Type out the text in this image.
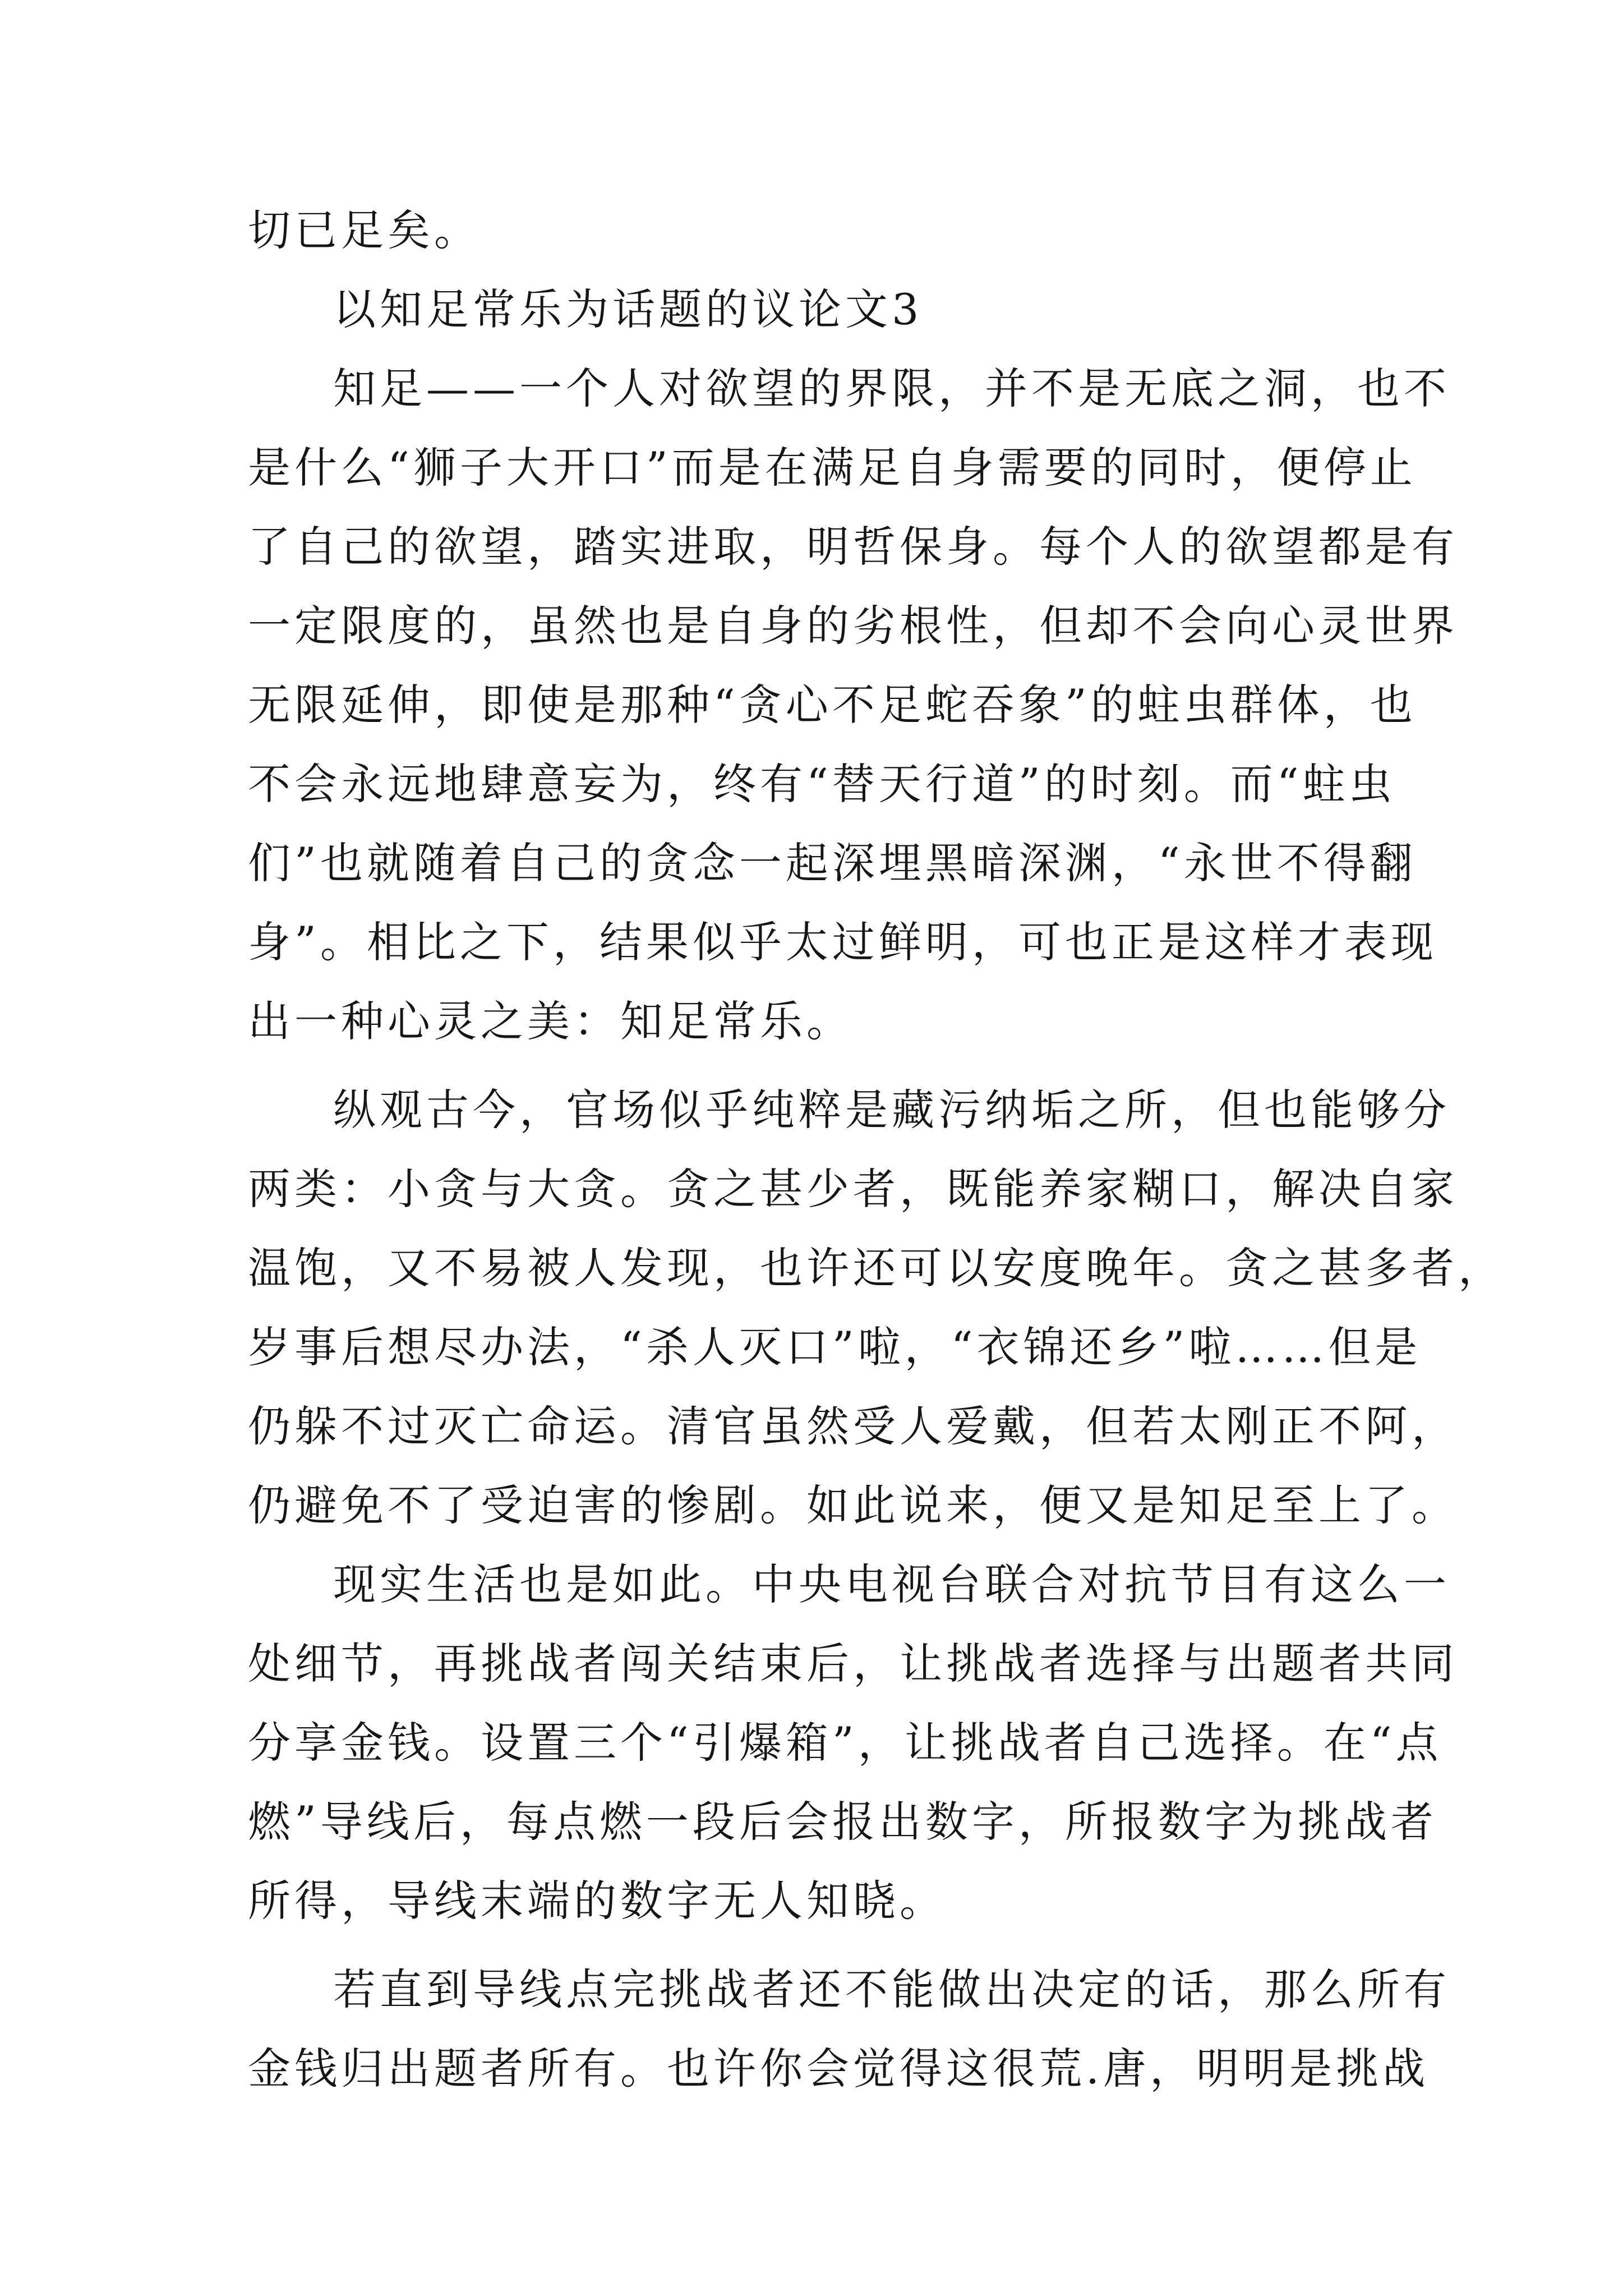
切已足矣。
以知足常乐为话题的议论文3
知足——一个人对欲望的界限，并不是无底之洞，也不
是什么“狮子大开口”而是在满足自身需要的同时，便停止
了自己的欲望，踏实进取，明哲保身。每个人的欲望都是有
一定限度的，虽然也是自身的劣根性，但却不会向心灵世界
无限延伸，即使是那种“贪心不足蛇吞象”的蛀虫群体，也
不会永远地肆意妄为，终有“替天行道”的时刻。而“蛀虫
们”也就随着自己的贪念一起深埋黑暗深渊，“永世不得翻
身”。相比之下，结果似乎太过鲜明，可也正是这样才表现
出一种心灵之美：知足常乐。
纵观古今，官场似乎纯粹是藏污纳垢之所，但也能够分
两类：小贪与大贪。贪之甚少者，既能养家糊口，解决自家
温饱，又不易被人发现，也许还可以安度晚年。贪之甚多者，
岁事后想尽办法，“杀人灭口”啦，“衣锦还乡”啦……但是
仍躲不过灭亡命运。清官虽然受人爱戴，但若太刚正不阿，
仍避免不了受迫害的惨剧。如此说来，便又是知足至上了。
现实生活也是如此。中央电视台联合对抗节目有这么一
处细节，再挑战者闯关结束后，让挑战者选择与出题者共同
分享金钱。设置三个“引爆箱”，让挑战者自己选择。在“点
燃”导线后，每点燃一段后会报出数字，所报数字为挑战者
所得，导线末端的数字无人知晓。
若直到导线点完挑战者还不能做出决定的话，那么所有
金钱归出题者所有。也许你会觉得这很荒.唐，明明是挑战
